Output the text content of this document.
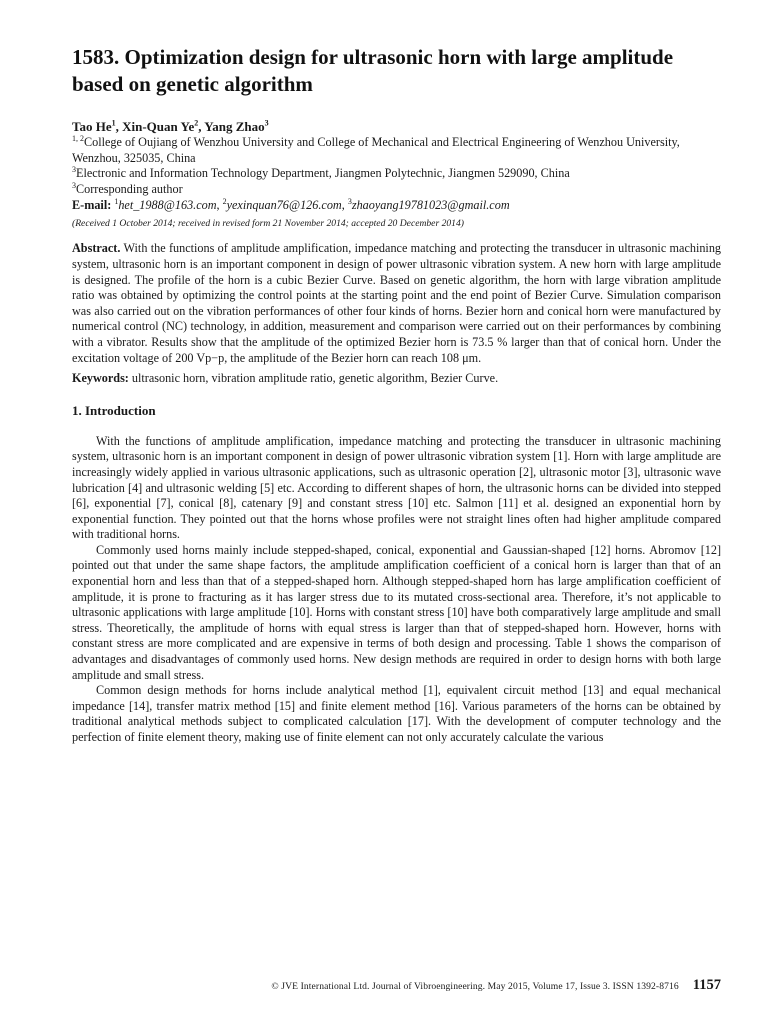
1583. Optimization design for ultrasonic horn with large amplitude based on genetic algorithm

Tao He$^1$, Xin-Quan Ye$^2$, Yang Zhao$^3$

$^{1, 2}$College of Oujiang of Wenzhou University and College of Mechanical and Electrical Engineering of Wenzhou University, Wenzhou, 325035, China

$^3$Electronic and Information Technology Department, Jiangmen Polytechnic, Jiangmen 529090, China

$^3$Corresponding author

E-mail: $^1$het_1988@163.com, $^2$yexinquan76@126.com, $^3$zhaoyang19781023@gmail.com

(Received 1 October 2014; received in revised form 21 November 2014; accepted 20 December 2014)

Abstract. With the functions of amplitude amplification, impedance matching and protecting the transducer in ultrasonic machining system, ultrasonic horn is an important component in design of power ultrasonic vibration system. A new horn with large amplitude is designed. The profile of the horn is a cubic Bezier Curve. Based on genetic algorithm, the horn with large vibration amplitude ratio was obtained by optimizing the control points at the starting point and the end point of Bezier Curve. Simulation comparison was also carried out on the vibration performances of other four kinds of horns. Bezier horn and conical horn were manufactured by numerical control (NC) technology, in addition, measurement and comparison were carried out on their performances by combining with a vibrator. Results show that the amplitude of the optimized Bezier horn is 73.5 % larger than that of conical horn. Under the excitation voltage of 200 Vp−p, the amplitude of the Bezier horn can reach 108 μm.

Keywords: ultrasonic horn, vibration amplitude ratio, genetic algorithm, Bezier Curve.

1. Introduction

With the functions of amplitude amplification, impedance matching and protecting the transducer in ultrasonic machining system, ultrasonic horn is an important component in design of power ultrasonic vibration system [1]. Horn with large amplitude are increasingly widely applied in various ultrasonic applications, such as ultrasonic operation [2], ultrasonic motor [3], ultrasonic wave lubrication [4] and ultrasonic welding [5] etc. According to different shapes of horn, the ultrasonic horns can be divided into stepped [6], exponential [7], conical [8], catenary [9] and constant stress [10] etc. Salmon [11] et al. designed an exponential horn by exponential function. They pointed out that the horns whose profiles were not straight lines often had higher amplitude compared with traditional horns.

Commonly used horns mainly include stepped-shaped, conical, exponential and Gaussian-shaped [12] horns. Abromov [12] pointed out that under the same shape factors, the amplitude amplification coefficient of a conical horn is larger than that of an exponential horn and less than that of a stepped-shaped horn. Although stepped-shaped horn has large amplification coefficient of amplitude, it is prone to fracturing as it has larger stress due to its mutated cross-sectional area. Therefore, it’s not applicable to ultrasonic applications with large amplitude [10]. Horns with constant stress [10] have both comparatively large amplitude and small stress. Theoretically, the amplitude of horns with equal stress is larger than that of stepped-shaped horn. However, horns with constant stress are more complicated and are expensive in terms of both design and processing. Table 1 shows the comparison of advantages and disadvantages of commonly used horns. New design methods are required in order to design horns with both large amplitude and small stress.

Common design methods for horns include analytical method [1], equivalent circuit method [13] and equal mechanical impedance [14], transfer matrix method [15] and finite element method [16]. Various parameters of the horns can be obtained by traditional analytical methods subject to complicated calculation [17]. With the development of computer technology and the perfection of finite element theory, making use of finite element can not only accurately calculate the various

© JVE International Ltd. Journal of Vibroengineering. May 2015, Volume 17, Issue 3. ISSN 1392-8716 1157
